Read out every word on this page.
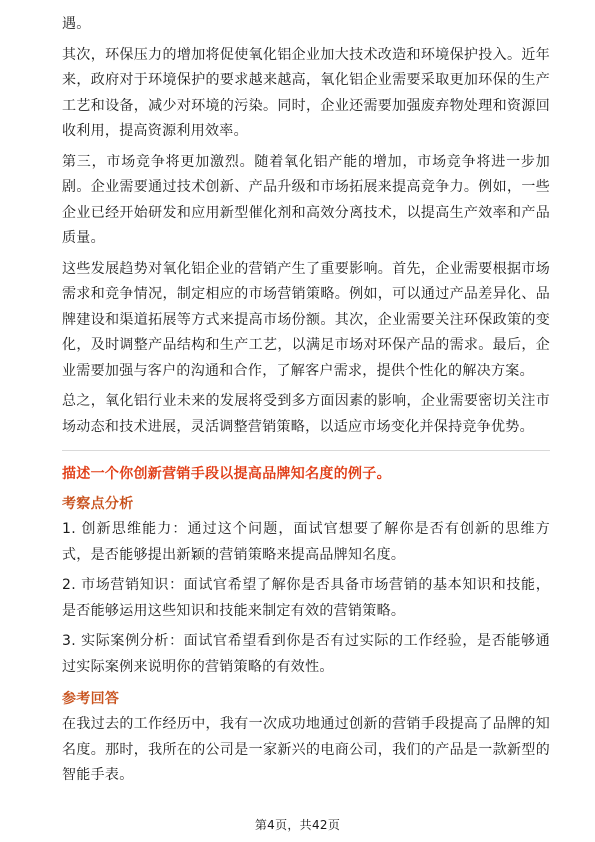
遇。

其次，环保压力的增加将促使氧化铝企业加大技术改造和环境保护投入。近年来，政府对于环境保护的要求越来越高，氧化铝企业需要采取更加环保的生产工艺和设备，减少对环境的污染。同时，企业还需要加强废弃物处理和资源回收利用，提高资源利用效率。

第三，市场竞争将更加激烈。随着氧化铝产能的增加，市场竞争将进一步加剧。企业需要通过技术创新、产品升级和市场拓展来提高竞争力。例如，一些企业已经开始研发和应用新型催化剂和高效分离技术，以提高生产效率和产品质量。

这些发展趋势对氧化铝企业的营销产生了重要影响。首先，企业需要根据市场需求和竞争情况，制定相应的市场营销策略。例如，可以通过产品差异化、品牌建设和渠道拓展等方式来提高市场份额。其次，企业需要关注环保政策的变化，及时调整产品结构和生产工艺，以满足市场对环保产品的需求。最后，企业需要加强与客户的沟通和合作，了解客户需求，提供个性化的解决方案。

总之，氧化铝行业未来的发展将受到多方面因素的影响，企业需要密切关注市场动态和技术进展，灵活调整营销策略，以适应市场变化并保持竞争优势。

描述一个你创新营销手段以提高品牌知名度的例子。
考察点分析

1. 创新思维能力：通过这个问题，面试官想要了解你是否有创新的思维方式，是否能够提出新颖的营销策略来提高品牌知名度。

2. 市场营销知识：面试官希望了解你是否具备市场营销的基本知识和技能，是否能够运用这些知识和技能来制定有效的营销策略。

3. 实际案例分析：面试官希望看到你是否有过实际的工作经验，是否能够通过实际案例来说明你的营销策略的有效性。

参考回答

在我过去的工作经历中，我有一次成功地通过创新的营销手段提高了品牌的知名度。那时，我所在的公司是一家新兴的电商公司，我们的产品是一款新型的智能手表。

第4页，共42页
